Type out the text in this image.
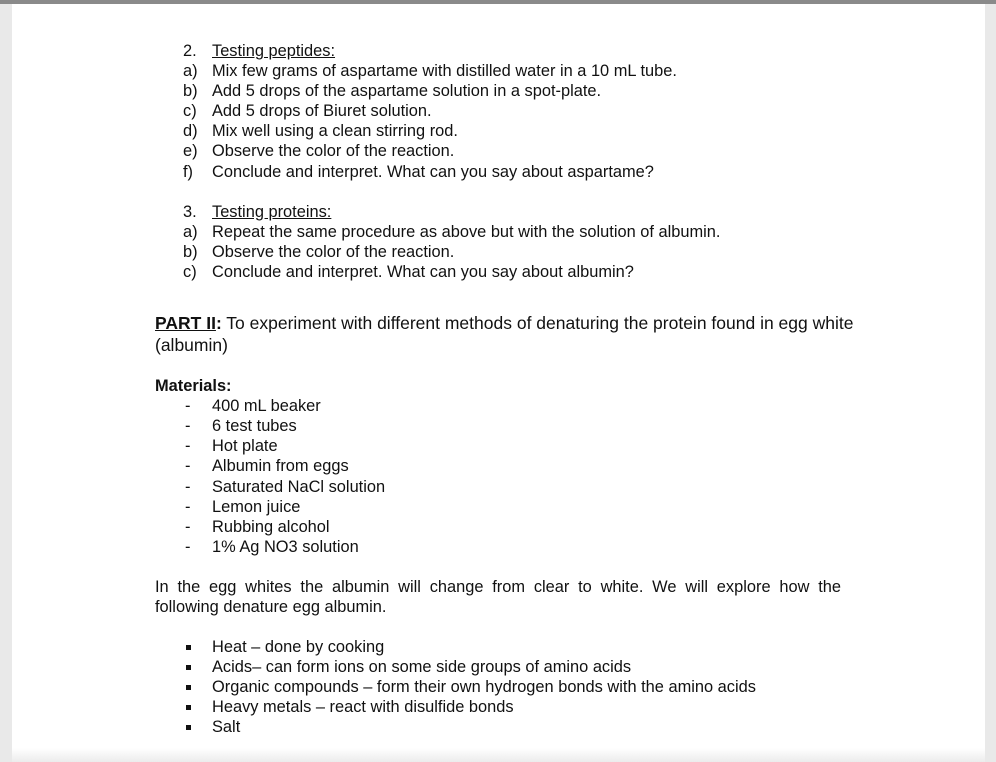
2. Testing peptides:
a) Mix few grams of aspartame with distilled water in a 10 mL tube.
b) Add 5 drops of the aspartame solution in a spot-plate.
c) Add 5 drops of Biuret solution.
d) Mix well using a clean stirring rod.
e) Observe the color of the reaction.
f) Conclude and interpret. What can you say about aspartame?
3. Testing proteins:
a) Repeat the same procedure as above but with the solution of albumin.
b) Observe the color of the reaction.
c) Conclude and interpret. What can you say about albumin?
PART II: To experiment with different methods of denaturing the protein found in egg white (albumin)
Materials:
- 400 mL beaker
- 6 test tubes
- Hot plate
- Albumin from eggs
- Saturated NaCl solution
- Lemon juice
- Rubbing alcohol
- 1% Ag NO3 solution
In the egg whites the albumin will change from clear to white. We will explore how the following denature egg albumin.
Heat – done by cooking
Acids– can form ions on some side groups of amino acids
Organic compounds – form their own hydrogen bonds with the amino acids
Heavy metals – react with disulfide bonds
Salt
